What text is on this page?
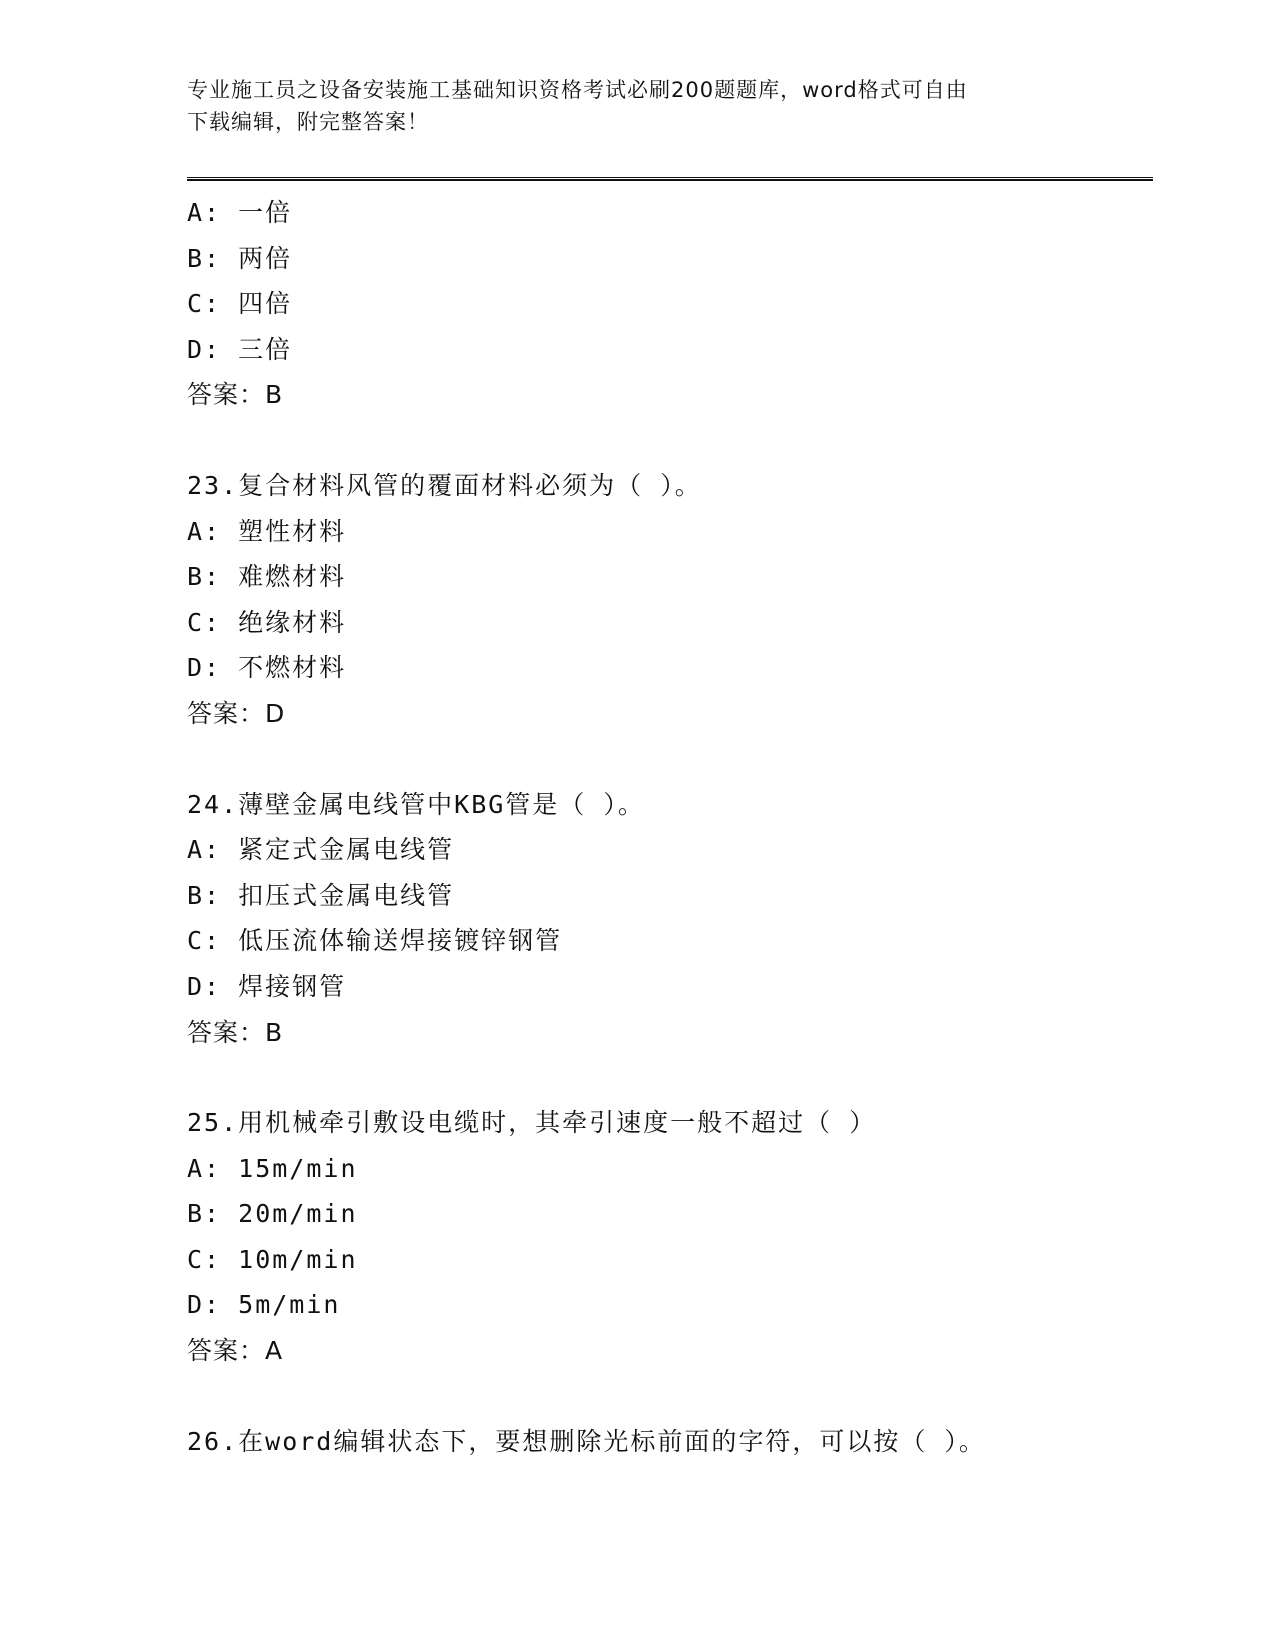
专业施工员之设备安装施工基础知识资格考试必刷200题题库，word格式可自由
下载编辑，附完整答案！
A: 一倍
B: 两倍
C: 四倍
D: 三倍
答案：B
23.复合材料风管的覆面材料必须为（ ）。
A: 塑性材料
B: 难燃材料
C: 绝缘材料
D: 不燃材料
答案：D
24.薄壁金属电线管中KBG管是（ ）。
A: 紧定式金属电线管
B: 扣压式金属电线管
C: 低压流体输送焊接镀锌钢管
D: 焊接钢管
答案：B
25.用机械牵引敷设电缆时，其牵引速度一般不超过（ ）
A: 15m/min
B: 20m/min
C: 10m/min
D: 5m/min
答案：A
26.在word编辑状态下，要想删除光标前面的字符，可以按（ ）。
